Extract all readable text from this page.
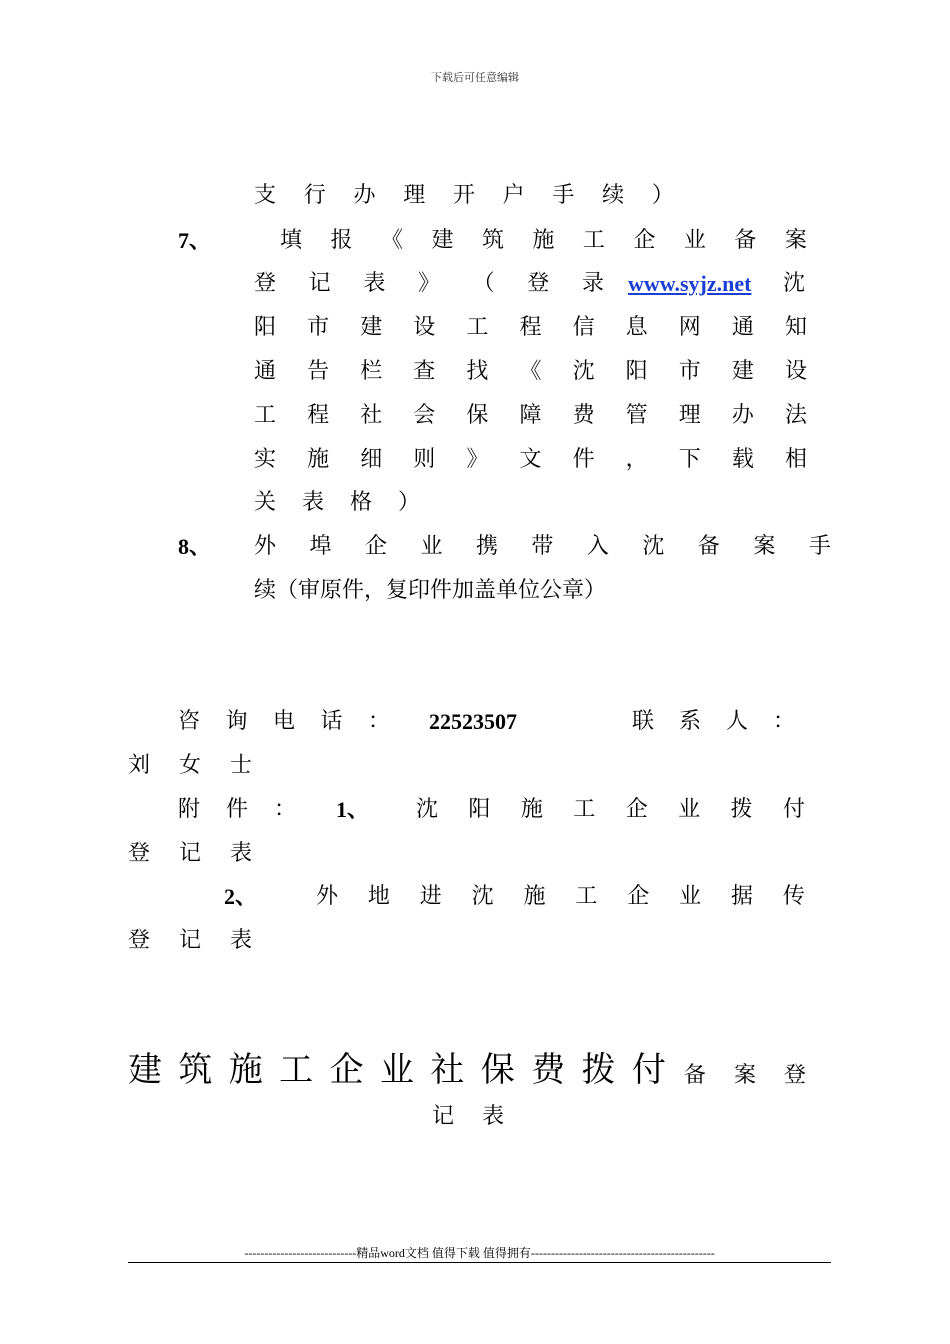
下载后可任意编辑
支 行 办 理 开 户 手 续 ）
7、	填 报 《 建 筑 施 工 企 业 备 案
登 记 表 》 （ 登 录 www.syjz.net 沈
阳 市 建 设 工 程 信 息 网 通 知
通 告 栏 查 找 《 沈 阳 市 建 设
工 程 社 会 保 障 费 管 理 办 法
实 施 细 则 》 文 件 ， 下 载 相
关 表 格 ）
8、 外 埠 企 业 携 带 入 沈 备 案 手
续（审原件，复印件加盖单位公章）
咨 询 电 话 ： 22523507	联 系 人 ：
刘 女 士
附 件 ： 1、 沈 阳 施 工 企 业 拨 付
登 记 表
2、	外 地 进 沈 施 工 企 业 据 传
登 记 表
建 筑 施 工 企 业 社 保 费 拨 付 备 案 登
记 表
----------------------------精品word文档 值得下载 值得拥有----------------------------------------------
